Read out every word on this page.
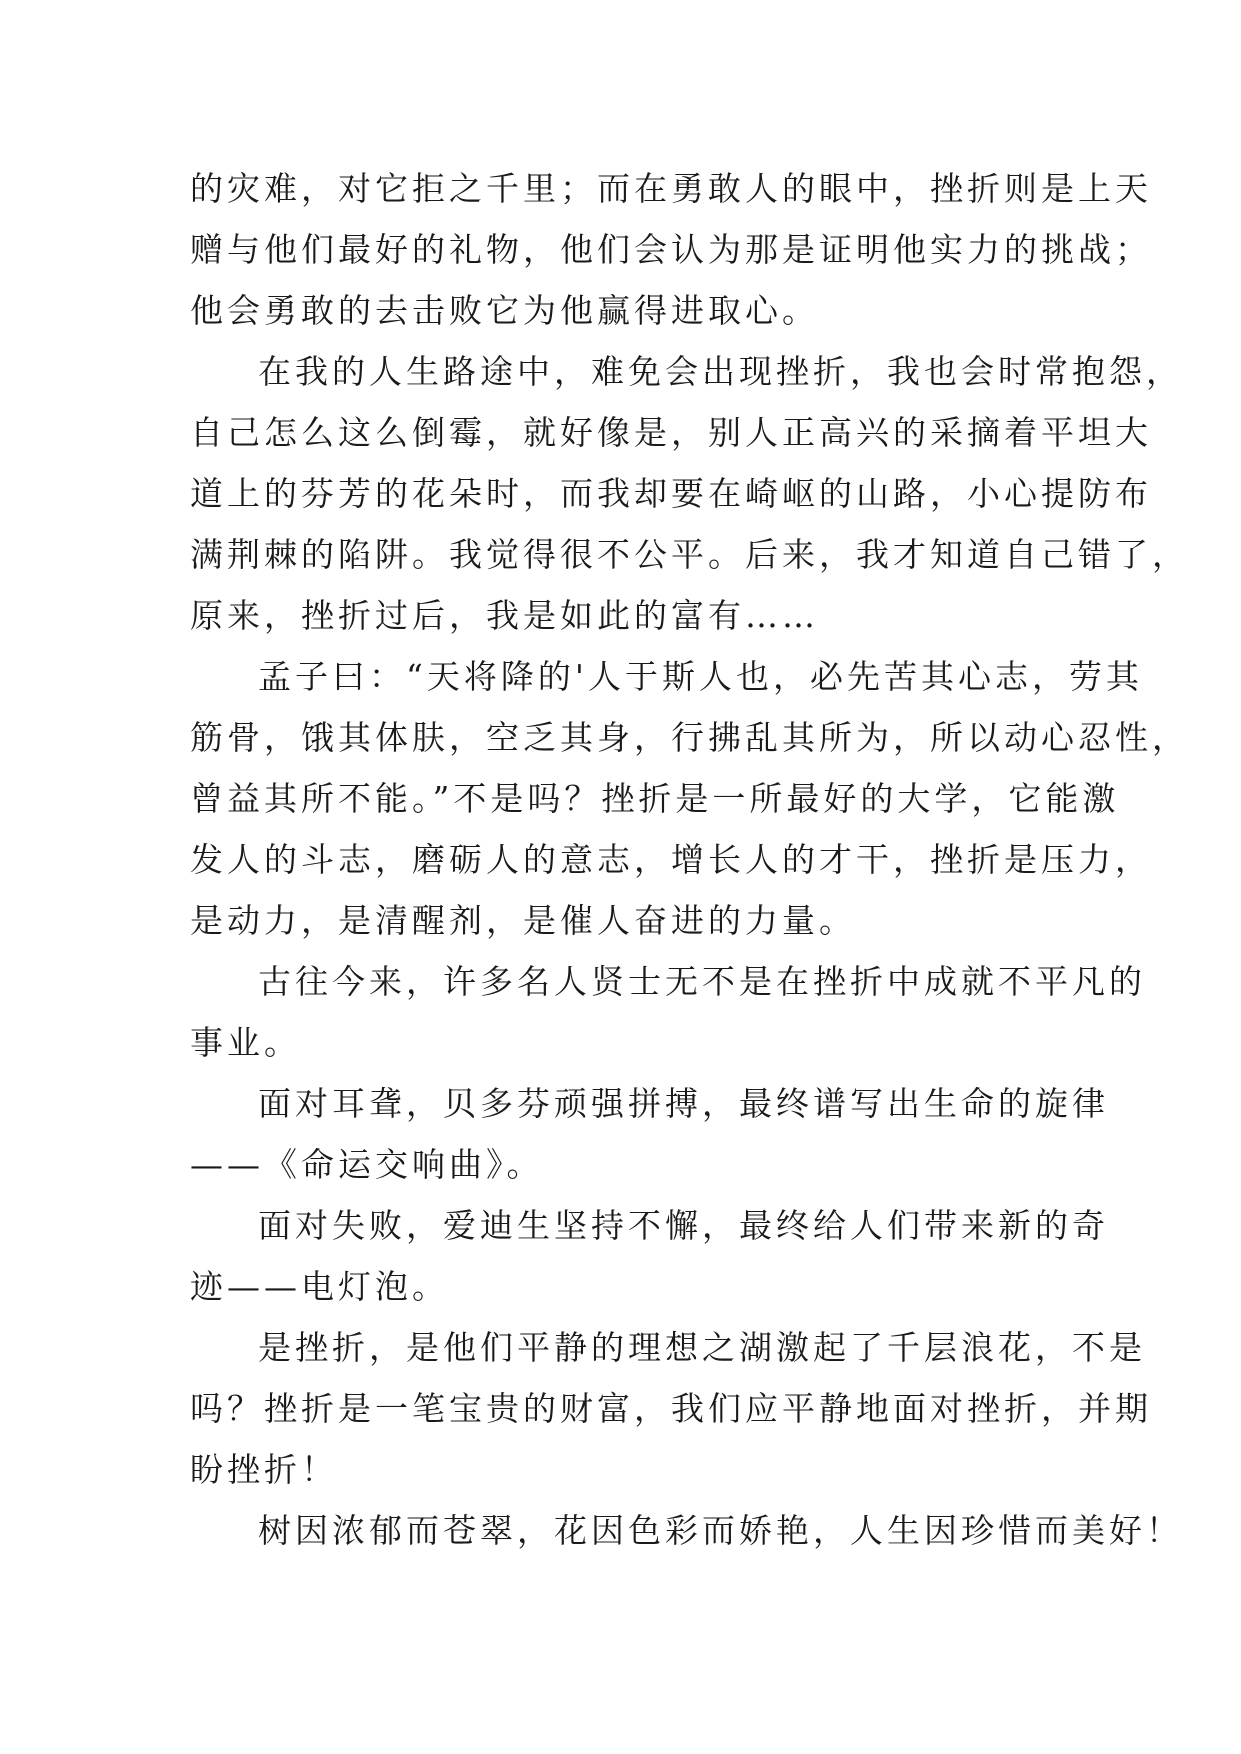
的灾难，对它拒之千里；而在勇敢人的眼中，挫折则是上天
赠与他们最好的礼物，他们会认为那是证明他实力的挑战；
他会勇敢的去击败它为他赢得进取心。
在我的人生路途中，难免会出现挫折，我也会时常抱怨，
自己怎么这么倒霉，就好像是，别人正高兴的采摘着平坦大
道上的芬芳的花朵时，而我却要在崎岖的山路，小心提防布
满荆棘的陷阱。我觉得很不公平。后来，我才知道自己错了，
原来，挫折过后，我是如此的富有……
孟子曰：“天将降的'人于斯人也，必先苦其心志，劳其
筋骨，饿其体肤，空乏其身，行拂乱其所为，所以动心忍性，
曾益其所不能。”不是吗？挫折是一所最好的大学，它能激
发人的斗志，磨砺人的意志，增长人的才干，挫折是压力，
是动力，是清醒剂，是催人奋进的力量。
古往今来，许多名人贤士无不是在挫折中成就不平凡的
事业。
面对耳聋，贝多芬顽强拼搏，最终谱写出生命的旋律
——《命运交响曲》。
面对失败，爱迪生坚持不懈，最终给人们带来新的奇
迹——电灯泡。
是挫折，是他们平静的理想之湖激起了千层浪花，不是
吗？挫折是一笔宝贵的财富，我们应平静地面对挫折，并期
盼挫折！
树因浓郁而苍翠，花因色彩而娇艳，人生因珍惜而美好！
